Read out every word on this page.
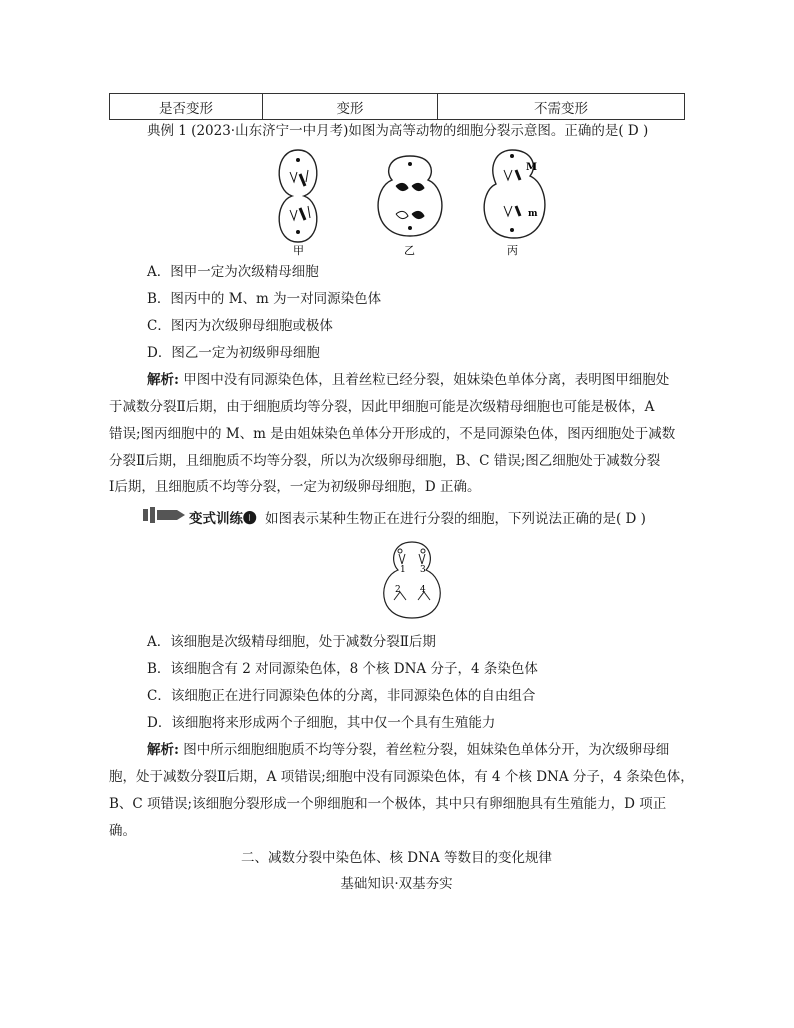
是否变形	变形	不需变形
典例 1 (2023·山东济宁一中月考)如图为高等动物的细胞分裂示意图。正确的是( D )
M
m
甲	乙	丙
A．图甲一定为次级精母细胞
B．图丙中的 M、m 为一对同源染色体
C．图丙为次级卵母细胞或极体
D．图乙一定为初级卵母细胞
解析: 甲图中没有同源染色体，且着丝粒已经分裂，姐妹染色单体分离，表明图甲细胞处
于减数分裂Ⅱ后期，由于细胞质均等分裂，因此甲细胞可能是次级精母细胞也可能是极体，A
错误;图丙细胞中的 M、m 是由姐妹染色单体分开形成的，不是同源染色体，图丙细胞处于减数
分裂Ⅱ后期，且细胞质不均等分裂，所以为次级卵母细胞，B、C 错误;图乙细胞处于减数分裂
Ⅰ后期，且细胞质不均等分裂，一定为初级卵母细胞，D 正确。
变式训练❶ 如图表示某种生物正在进行分裂的细胞，下列说法正确的是( D )
1 3
2 4
A．该细胞是次级精母细胞，处于减数分裂Ⅱ后期
B．该细胞含有 2 对同源染色体，8 个核 DNA 分子，4 条染色体
C．该细胞正在进行同源染色体的分离，非同源染色体的自由组合
D．该细胞将来形成两个子细胞，其中仅一个具有生殖能力
解析: 图中所示细胞细胞质不均等分裂，着丝粒分裂，姐妹染色单体分开，为次级卵母细
胞，处于减数分裂Ⅱ后期，A 项错误;细胞中没有同源染色体，有 4 个核 DNA 分子，4 条染色体，
B、C 项错误;该细胞分裂形成一个卵细胞和一个极体，其中只有卵细胞具有生殖能力，D 项正
确。
二、减数分裂中染色体、核 DNA 等数目的变化规律
基础知识·双基夯实
